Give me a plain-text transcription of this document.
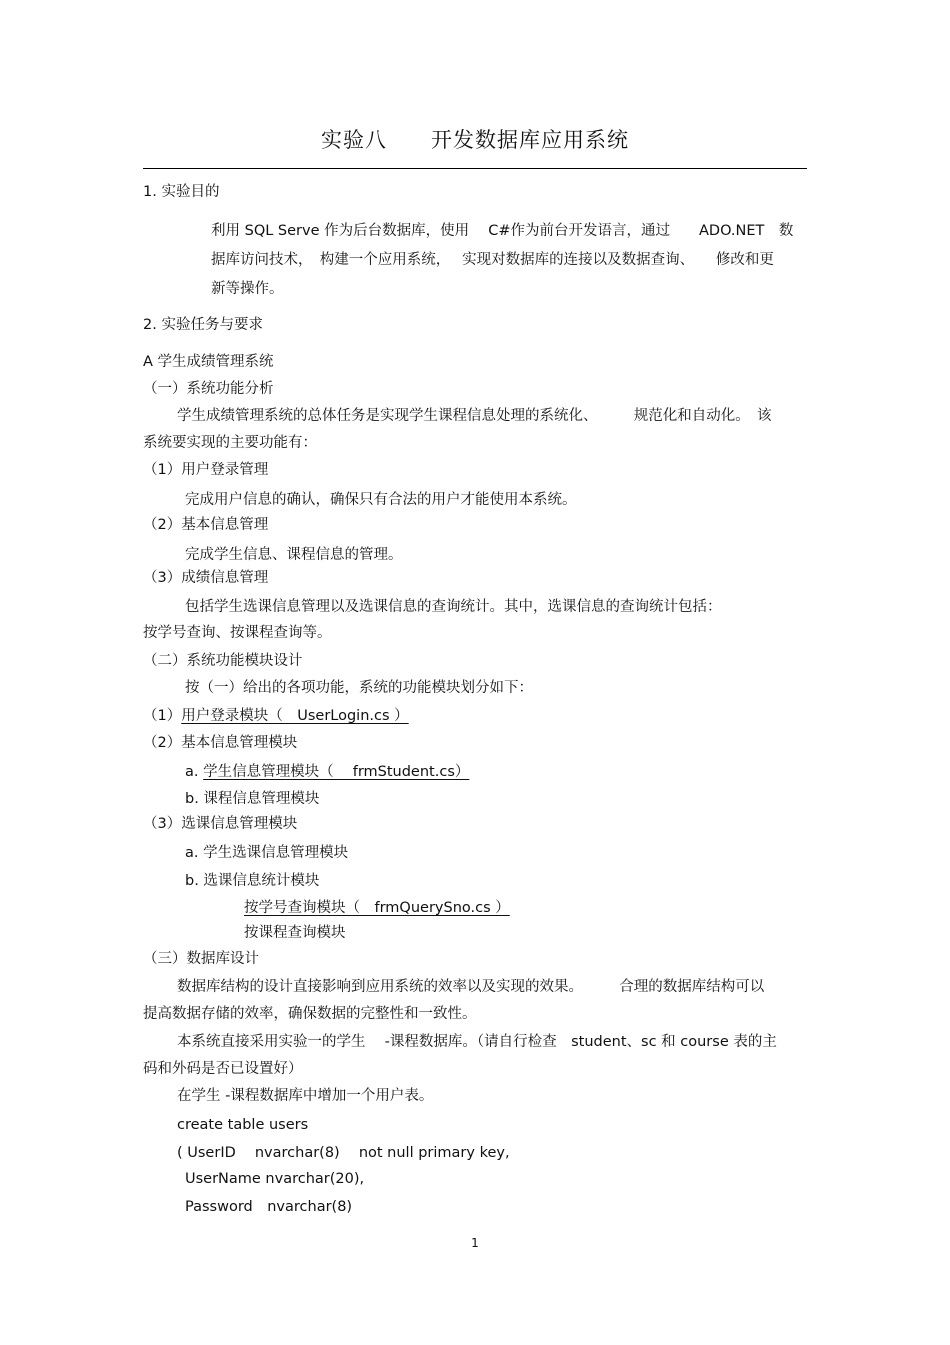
实验八　　开发数据库应用系统
1. 实验目的
利用 SQL Serve 作为后台数据库，使用　 C#作为前台开发语言，通过　　ADO.NET　数
据库访问技术，　构建一个应用系统，　 实现对数据库的连接以及数据查询、　　修改和更
新等操作。
2. 实验任务与要求
A 学生成绩管理系统
（一）系统功能分析
学生成绩管理系统的总体任务是实现学生课程信息处理的系统化、　　　规范化和自动化。　该
系统要实现的主要功能有：
（1）用户登录管理
完成用户信息的确认，确保只有合法的用户才能使用本系统。
（2）基本信息管理
完成学生信息、课程信息的管理。
（3）成绩信息管理
包括学生选课信息管理以及选课信息的查询统计。其中，选课信息的查询统计包括：
按学号查询、按课程查询等。
（二）系统功能模块设计
按（一）给出的各项功能，系统的功能模块划分如下：
（1）用户登录模块（　UserLogin.cs ）
（2）基本信息管理模块
a. 学生信息管理模块（　 frmStudent.cs）
b. 课程信息管理模块
（3）选课信息管理模块
a. 学生选课信息管理模块
b. 选课信息统计模块
按学号查询模块（　frmQuerySno.cs ）
按课程查询模块
（三）数据库设计
数据库结构的设计直接影响到应用系统的效率以及实现的效果。　　　合理的数据库结构可以
提高数据存储的效率，确保数据的完整性和一致性。
本系统直接采用实验一的学生　 -课程数据库。（请自行检查　student、sc 和 course 表的主
码和外码是否已设置好）
在学生 -课程数据库中增加一个用户表。
create table users
( UserID　 nvarchar(8)　 not null primary key,
UserName nvarchar(20),
Password　nvarchar(8)
1
